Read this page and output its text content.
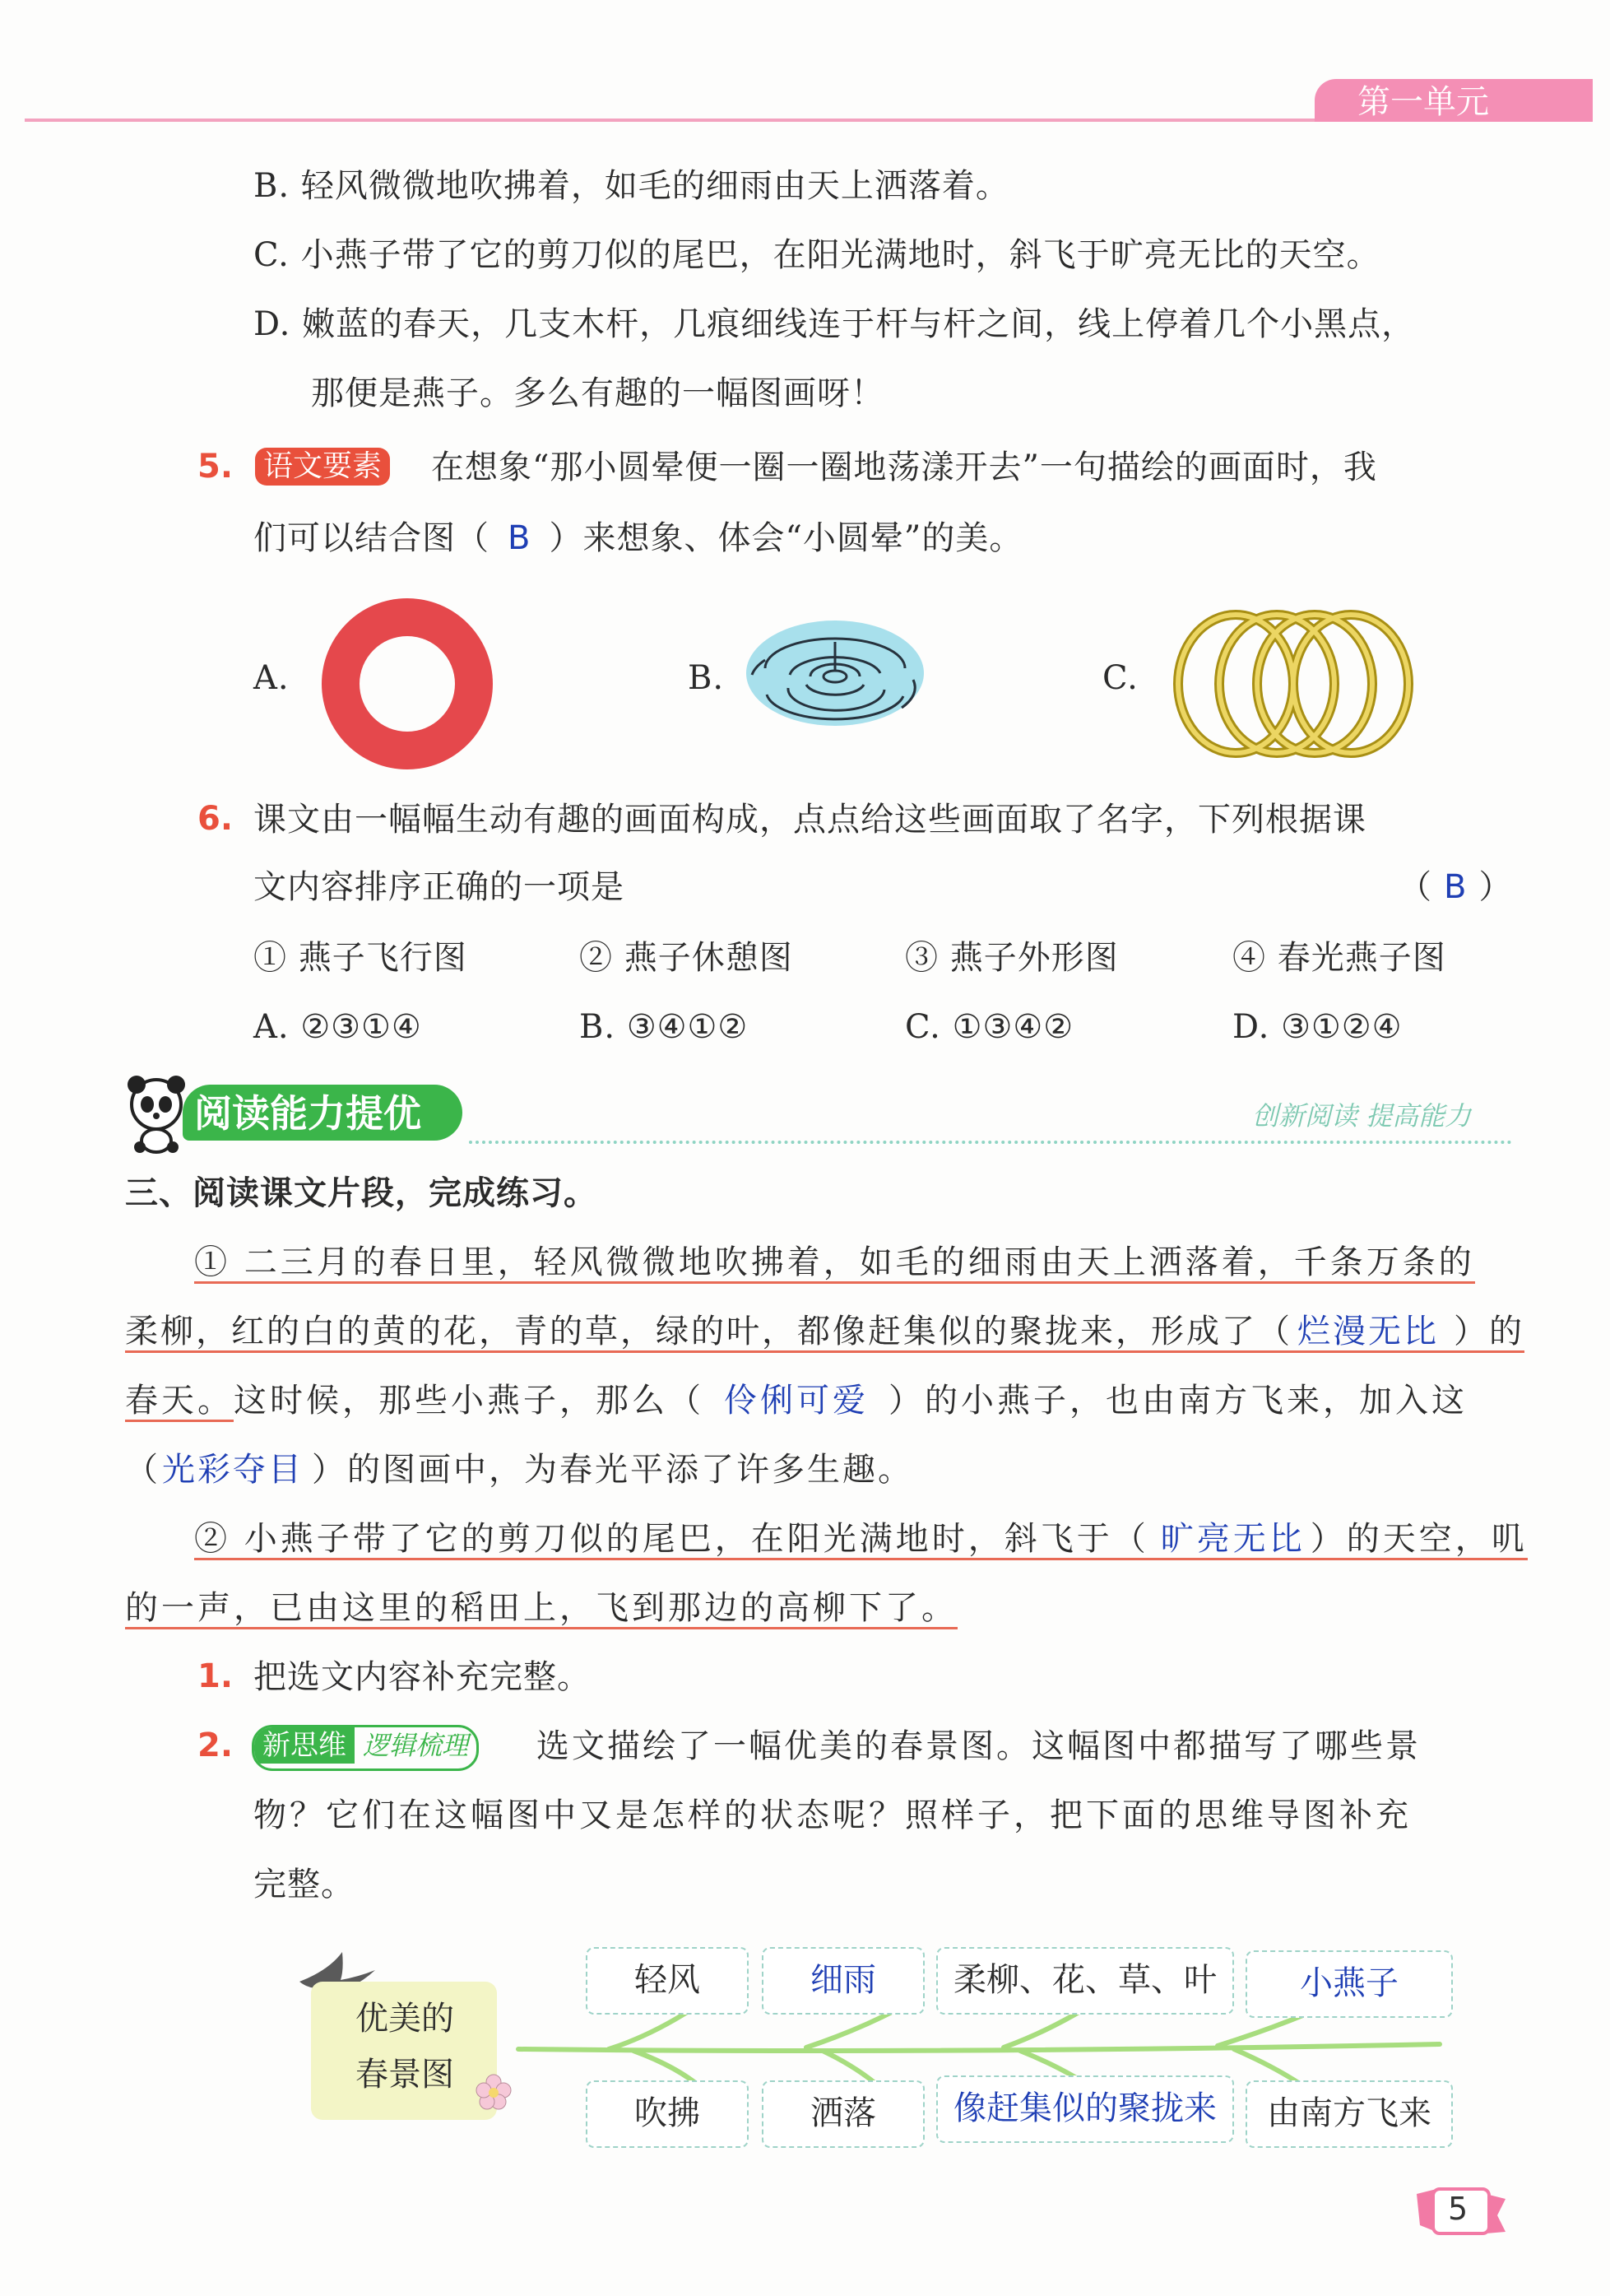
第一单元
B. 轻风微微地吹拂着，如毛的细雨由天上洒落着。
C. 小燕子带了它的剪刀似的尾巴，在阳光满地时，斜飞于旷亮无比的天空。
D. 嫩蓝的春天，几支木杆，几痕细线连于杆与杆之间，线上停着几个小黑点，
那便是燕子。多么有趣的一幅图画呀！
5. 语文要素 在想象“那小圆晕便一圈一圈地荡漾开去”一句描绘的画面时，我
们可以结合图（ B ）来想象、体会“小圆晕”的美。
A.	B.	C.
6. 课文由一幅幅生动有趣的画面构成，点点给这些画面取了名字，下列根据课
文内容排序正确的一项是	（ B ）
① 燕子飞行图	② 燕子休憩图	③ 燕子外形图	④ 春光燕子图
A. ②③①④	B. ③④①②	C. ①③④②	D. ③①②④
阅读能力提优	创新阅读 提高能力
三、阅读课文片段，完成练习。
① 二三月的春日里，轻风微微地吹拂着，如毛的细雨由天上洒落着，千条万条的
柔柳，红的白的黄的花，青的草，绿的叶，都像赶集似的聚拢来，形成了（ 烂漫无比 ）的
春天。这时候，那些小燕子，那么（ 伶俐可爱 ）的小燕子，也由南方飞来，加入这
（光彩夺目 ）的图画中，为春光平添了许多生趣。
② 小燕子带了它的剪刀似的尾巴，在阳光满地时，斜飞于（ 旷亮无比 ）的天空，叽
的一声，已由这里的稻田上，飞到那边的高柳下了。
1. 把选文内容补充完整。
2.	新思维 逻辑梳理	选文描绘了一幅优美的春景图。这幅图中都描写了哪些景
物？它们在这幅图中又是怎样的状态呢？照样子，把下面的思维导图补充
完整。
优美的
春景图
轻风	细雨	柔柳、花、草、叶	小燕子
吹拂	洒落	像赶集似的聚拢来	由南方飞来
5
